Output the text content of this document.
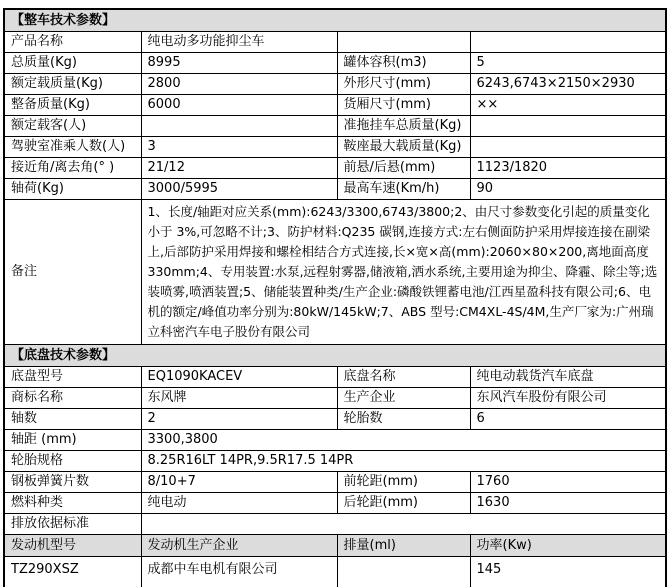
【整车技术参数】			
产品名称	纯电动多功能抑尘车		
总质量(Kg)	8995	罐体容积(m3)	5
额定载质量(Kg)	2800	外形尺寸(mm)	6243,6743×2150×2930
整备质量(Kg)	6000	货厢尺寸(mm)	××
额定载客(人)		准拖挂车总质量(Kg)	
驾驶室准乘人数(人)	3	鞍座最大载质量(Kg)	
接近角/离去角(° )	21/12	前悬/后悬(mm)	1123/1820
轴荷(Kg)	3000/5995	最高车速(Km/h)	90
备注	1、长度/轴距对应关系(mm):6243/3300,6743/3800;2、由尺寸参数变化引起的质量变化小于 3%,可忽略不计;3、防护材料:Q235 碳钢,连接方式:左右侧面防护采用焊接连接在副梁上,后部防护采用焊接和螺栓相结合方式连接,长×宽×高(mm):2060×80×200,离地面高度 330mm;4、专用装置:水泵,远程射雾器,储液箱,洒水系统,主要用途为抑尘、降霾、除尘等;选装喷雾,喷洒装置;5、储能装置种类/生产企业:磷酸铁锂蓄电池/江西星盈科技有限公司;6、电机的额定/峰值功率分别为:80kW/145kW;7、ABS 型号:CM4XL-4S/4M,生产厂家为:广州瑞立科密汽车电子股份有限公司		
【底盘技术参数】			
底盘型号	EQ1090KACEV	底盘名称	纯电动载货汽车底盘
商标名称	东风牌	生产企业	东风汽车股份有限公司
轴数	2	轮胎数	6
轴距 (mm)	3300,3800		
轮胎规格	8.25R16LT 14PR,9.5R17.5 14PR		
钢板弹簧片数	8/10+7	前轮距(mm)	1760
燃料种类	纯电动	后轮距(mm)	1630
排放依据标准			
发动机型号	发动机生产企业	排量(ml)	功率(Kw)
TZ290XSZ	成都中车电机有限公司		145
